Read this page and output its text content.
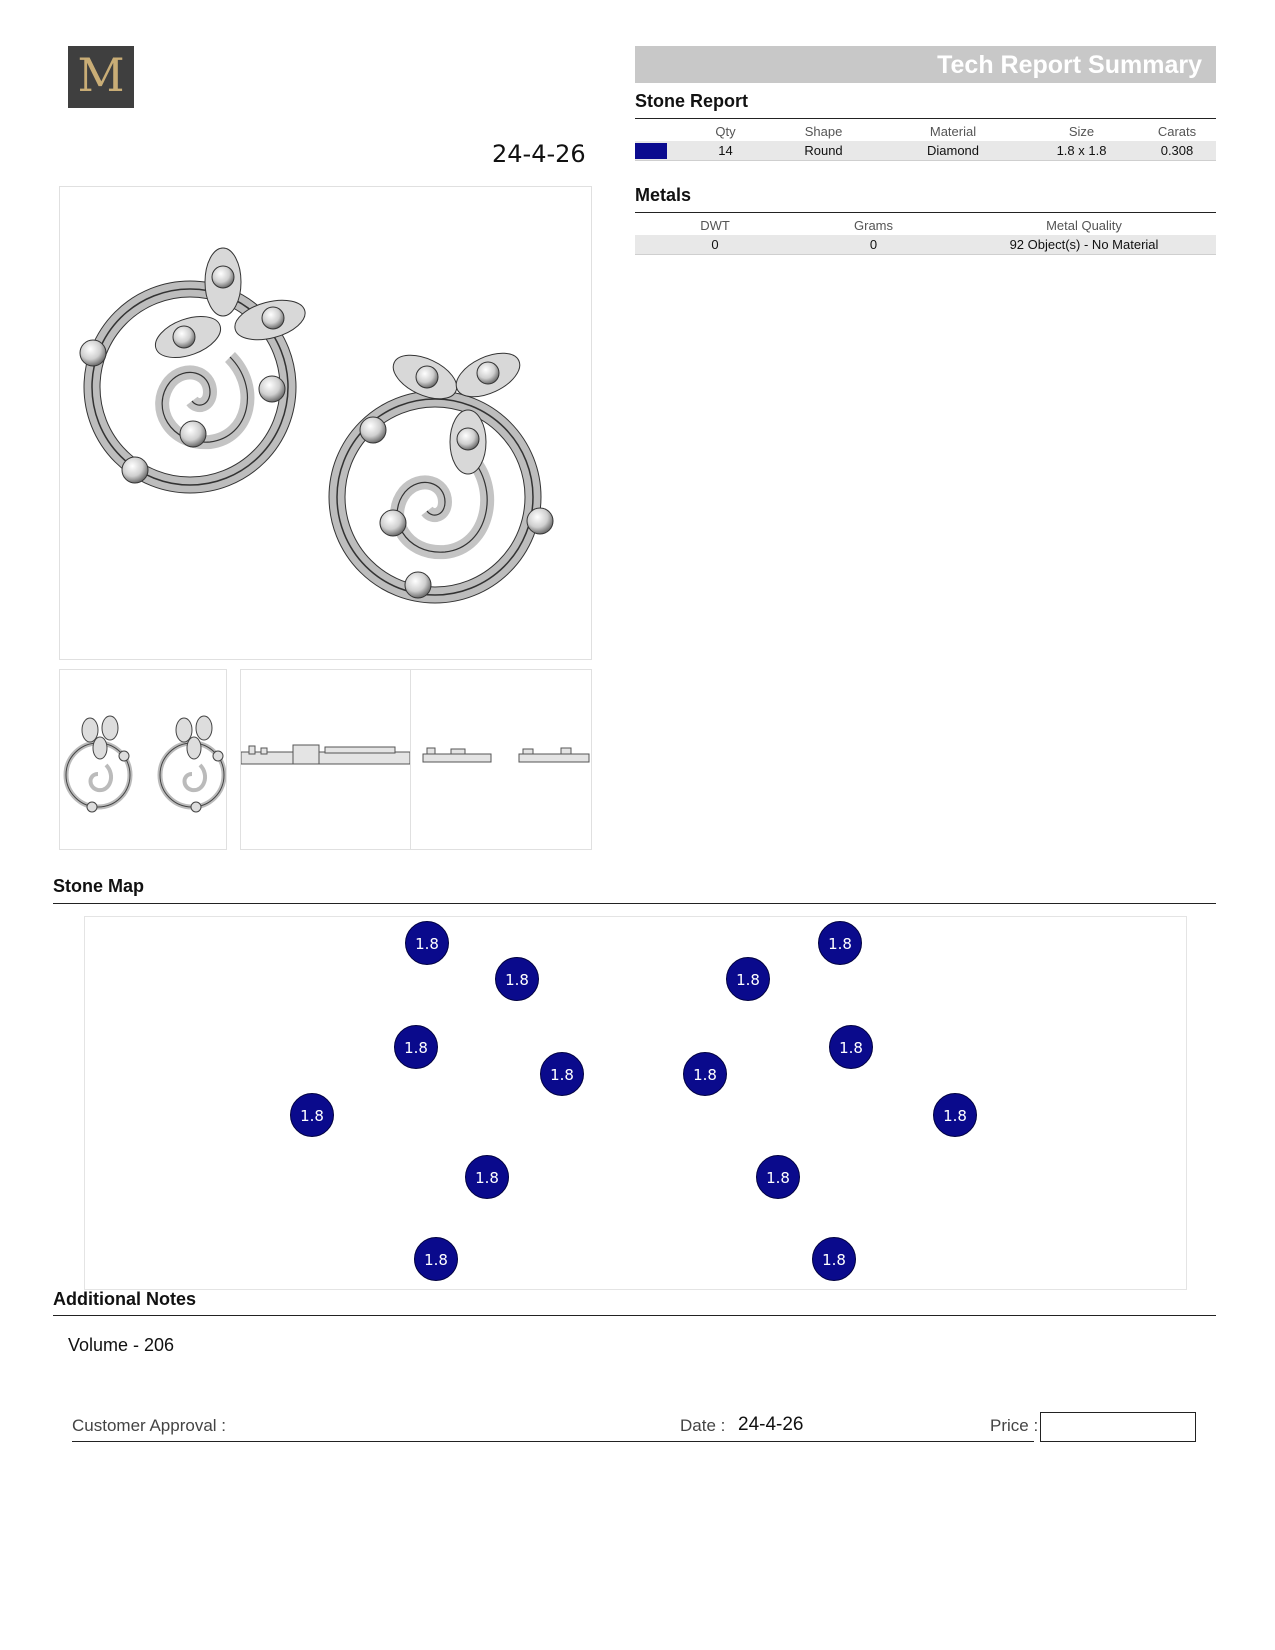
M
24-4-26
Tech Report Summary
Stone Report
	Qty	Shape	Material	Size	Carats
	14	Round	Diamond	1.8 x 1.8	0.308
Metals
DWT	Grams	Metal Quality
0	0	92 Object(s) - No Material
Stone Map
1.8	1.8
1.8	1.8
1.8	1.8
1.8	1.8
1.8	1.8
1.8	1.8
1.8	1.8
Additional Notes
Volume - 206
Customer Approval :	Date : 24-4-26	Price :
